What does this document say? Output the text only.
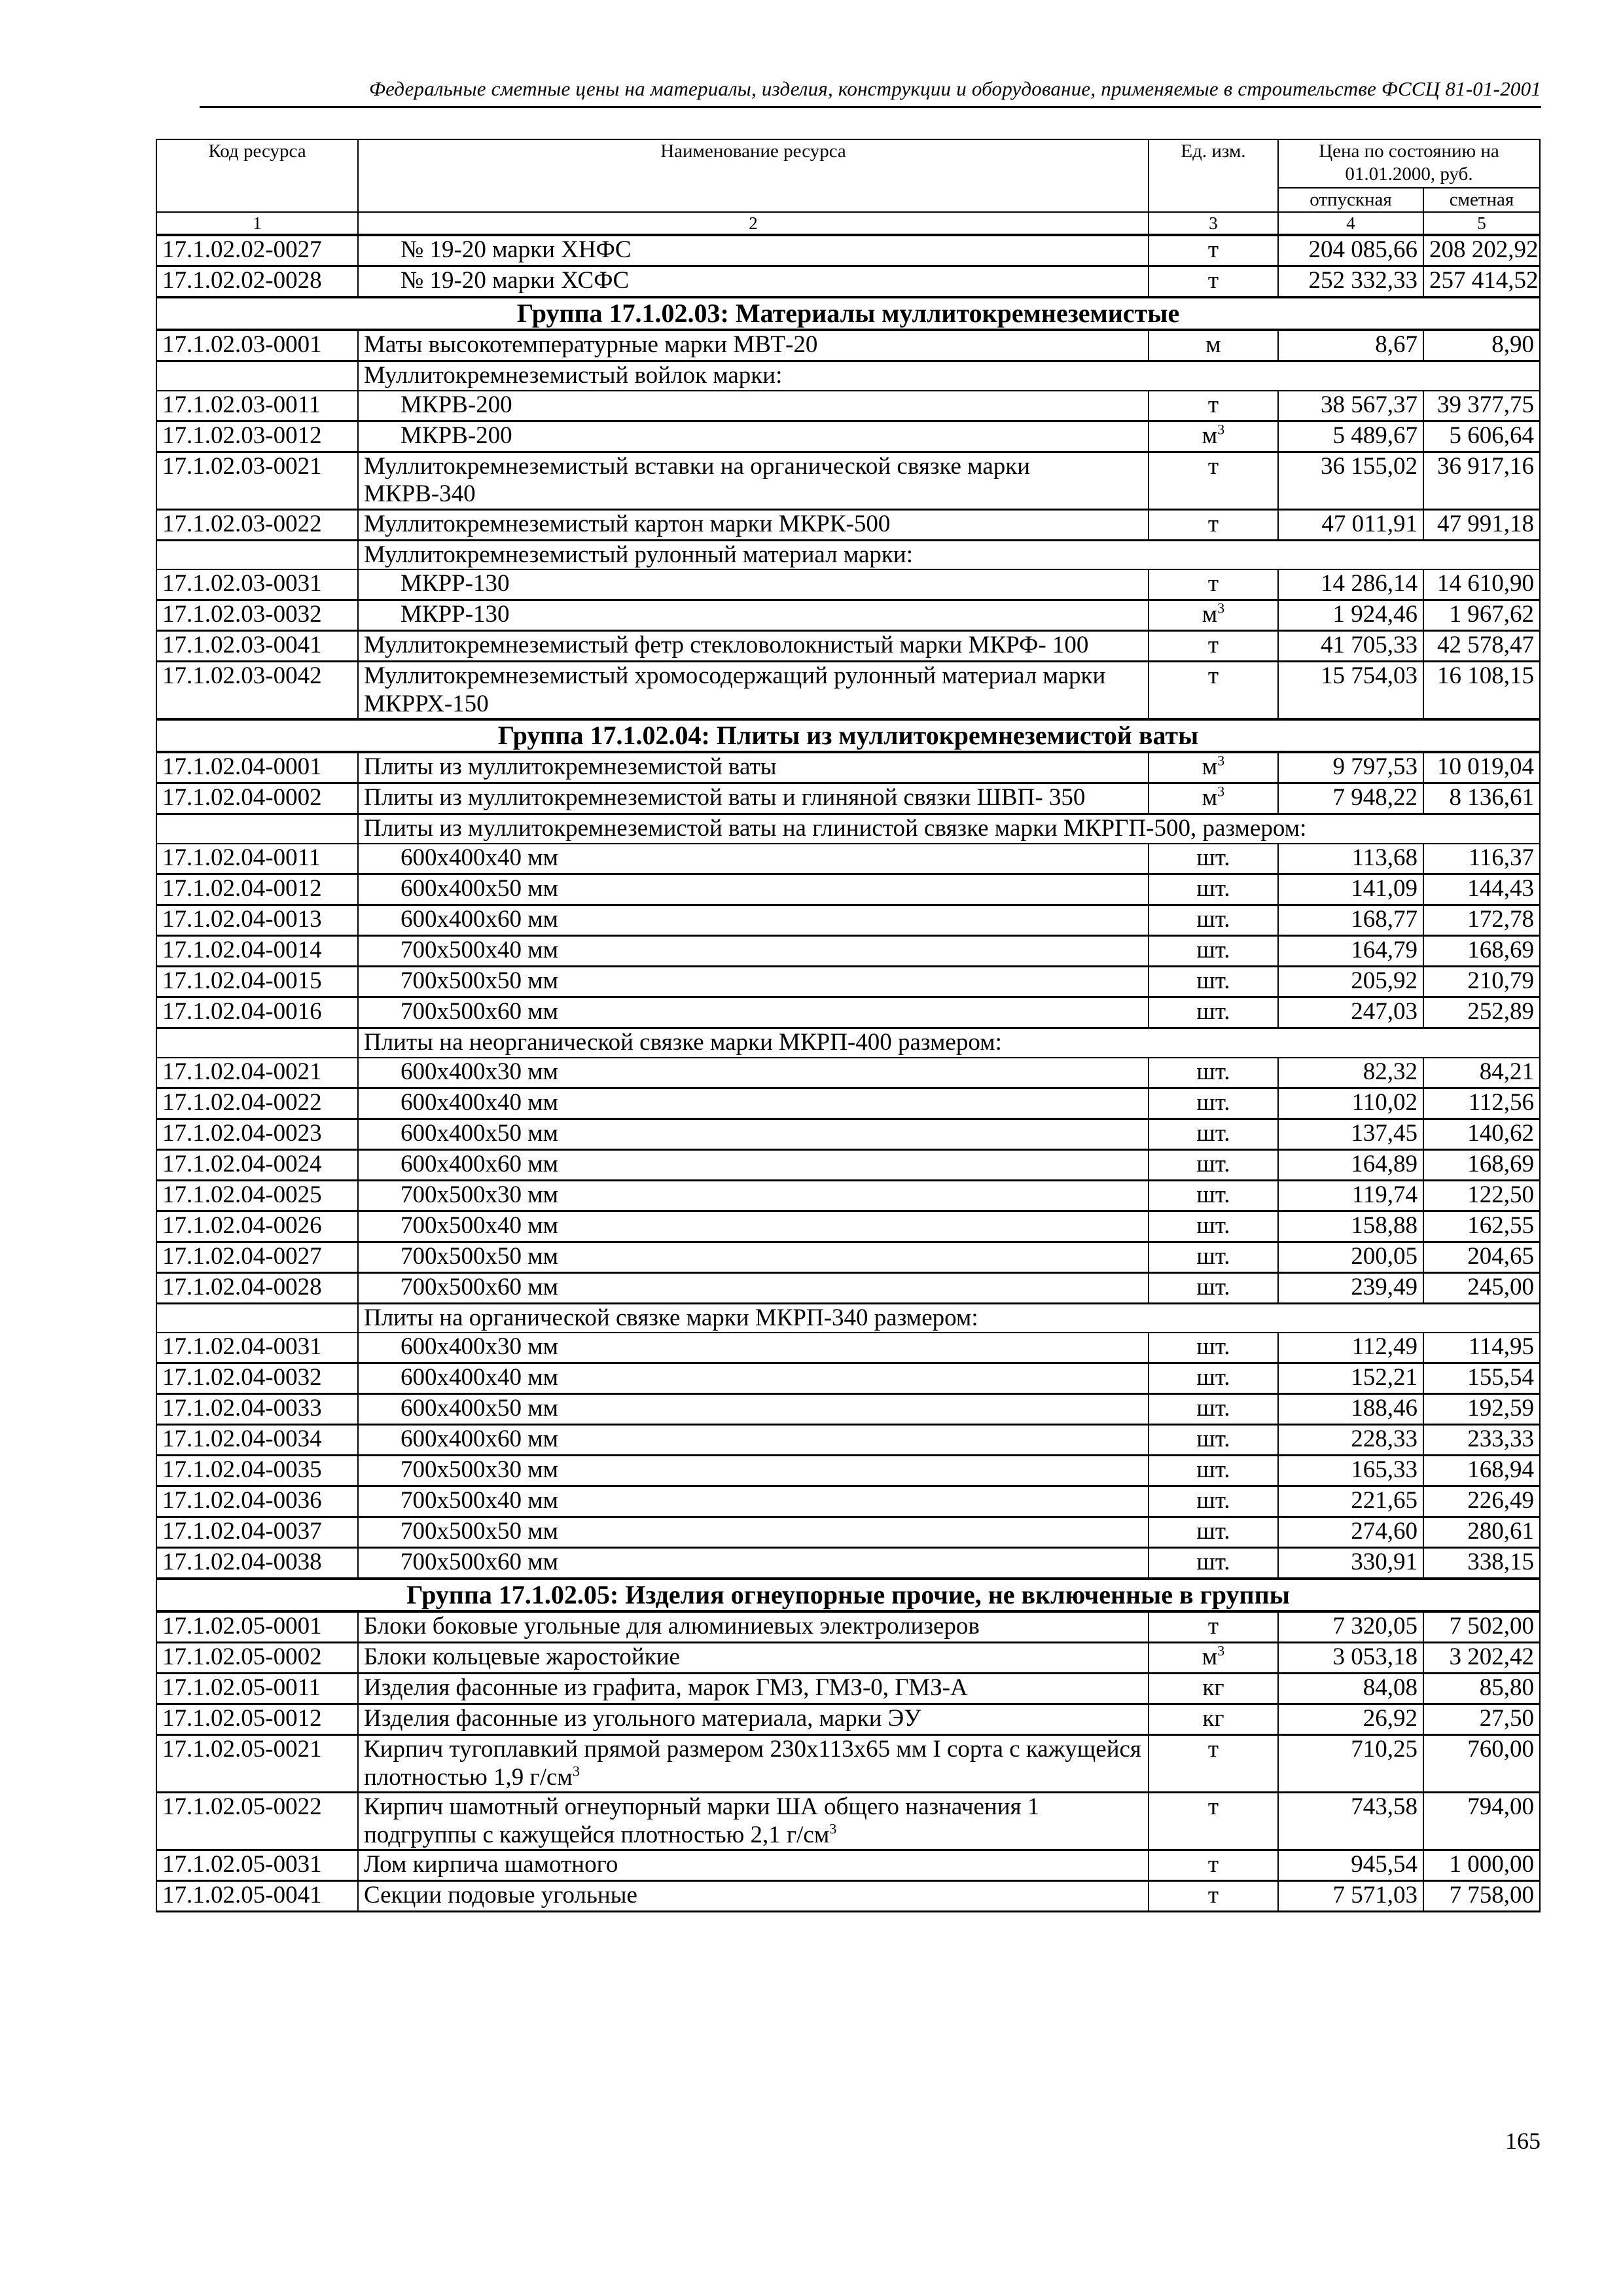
Федеральные сметные цены на материалы, изделия, конструкции и оборудование, применяемые в строительстве ФССЦ 81-01-2001
Код ресурса	Наименование ресурса	Ед. изм.	Цена по состоянию на 01.01.2000, руб.	
			отпускная	сметная
1	2	3	4	5
17.1.02.02-0027	№ 19-20 марки ХНФС	т	204 085,66	208 202,92
17.1.02.02-0028	№ 19-20 марки ХСФС	т	252 332,33	257 414,52
Группа 17.1.02.03: Материалы муллитокремнеземистые				
17.1.02.03-0001	Маты высокотемпературные марки МВТ-20	м	8,67	8,90
	Муллитокремнеземистый войлок марки:			
17.1.02.03-0011	МКРВ-200	т	38 567,37	39 377,75
17.1.02.03-0012	МКРВ-200	$м^3$	5 489,67	5 606,64
17.1.02.03-0021	Муллитокремнеземистый вставки на органической связке марки МКРВ-340	т	36 155,02	36 917,16
17.1.02.03-0022	Муллитокремнеземистый картон марки МКРК-500	т	47 011,91	47 991,18
	Муллитокремнеземистый рулонный материал марки:			
17.1.02.03-0031	МКРР-130	т	14 286,14	14 610,90
17.1.02.03-0032	МКРР-130	$м^3$	1 924,46	1 967,62
17.1.02.03-0041	Муллитокремнеземистый фетр стекловолокнистый марки МКРФ- 100	т	41 705,33	42 578,47
17.1.02.03-0042	Муллитокремнеземистый хромосодержащий рулонный материал марки МКРРХ-150	т	15 754,03	16 108,15
Группа 17.1.02.04: Плиты из муллитокремнеземистой ваты				
17.1.02.04-0001	Плиты из муллитокремнеземистой ваты	$м^3$	9 797,53	10 019,04
17.1.02.04-0002	Плиты из муллитокремнеземистой ваты и глиняной связки ШВП- 350	$м^3$	7 948,22	8 136,61
	Плиты из муллитокремнеземистой ваты на глинистой связке марки МКРГП-500, размером:			
17.1.02.04-0011	600х400х40 мм	шт.	113,68	116,37
17.1.02.04-0012	600х400х50 мм	шт.	141,09	144,43
17.1.02.04-0013	600х400х60 мм	шт.	168,77	172,78
17.1.02.04-0014	700х500х40 мм	шт.	164,79	168,69
17.1.02.04-0015	700х500х50 мм	шт.	205,92	210,79
17.1.02.04-0016	700х500х60 мм	шт.	247,03	252,89
	Плиты на неорганической связке марки МКРП-400 размером:			
17.1.02.04-0021	600х400х30 мм	шт.	82,32	84,21
17.1.02.04-0022	600х400х40 мм	шт.	110,02	112,56
17.1.02.04-0023	600х400х50 мм	шт.	137,45	140,62
17.1.02.04-0024	600х400х60 мм	шт.	164,89	168,69
17.1.02.04-0025	700х500х30 мм	шт.	119,74	122,50
17.1.02.04-0026	700х500х40 мм	шт.	158,88	162,55
17.1.02.04-0027	700х500х50 мм	шт.	200,05	204,65
17.1.02.04-0028	700х500х60 мм	шт.	239,49	245,00
	Плиты на органической связке марки МКРП-340 размером:			
17.1.02.04-0031	600х400х30 мм	шт.	112,49	114,95
17.1.02.04-0032	600х400х40 мм	шт.	152,21	155,54
17.1.02.04-0033	600х400х50 мм	шт.	188,46	192,59
17.1.02.04-0034	600х400х60 мм	шт.	228,33	233,33
17.1.02.04-0035	700х500х30 мм	шт.	165,33	168,94
17.1.02.04-0036	700х500х40 мм	шт.	221,65	226,49
17.1.02.04-0037	700х500х50 мм	шт.	274,60	280,61
17.1.02.04-0038	700х500х60 мм	шт.	330,91	338,15
Группа 17.1.02.05: Изделия огнеупорные прочие, не включенные в группы				
17.1.02.05-0001	Блоки боковые угольные для алюминиевых электролизеров	т	7 320,05	7 502,00
17.1.02.05-0002	Блоки кольцевые жаростойкие	$м^3$	3 053,18	3 202,42
17.1.02.05-0011	Изделия фасонные из графита, марок ГМЗ, ГМЗ-0, ГМЗ-А	кг	84,08	85,80
17.1.02.05-0012	Изделия фасонные из угольного материала, марки ЭУ	кг	26,92	27,50
17.1.02.05-0021	Кирпич тугоплавкий прямой размером 230х113х65 мм I сорта с кажущейся плотностью 1,9 $г/см^3$	т	710,25	760,00
17.1.02.05-0022	Кирпич шамотный огнеупорный марки ША общего назначения 1 подгруппы с кажущейся плотностью 2,1 $г/см^3$	т	743,58	794,00
17.1.02.05-0031	Лом кирпича шамотного	т	945,54	1 000,00
17.1.02.05-0041	Секции подовые угольные	т	7 571,03	7 758,00
165
